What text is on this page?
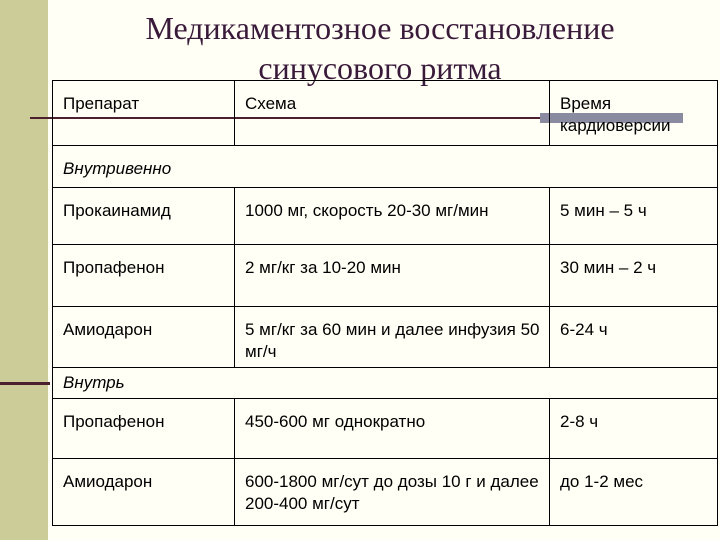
Медикаментозное восстановление
синусового ритма
Препарат	Схема	Время кардиоверсии
Внутривенно		
Прокаинамид	1000 мг, скорость 20-30 мг/мин	5 мин – 5 ч
Пропафенон	2 мг/кг за 10-20 мин	30 мин – 2 ч
Амиодарон	5 мг/кг за 60 мин и далее инфузия 50 мг/ч	6-24 ч
Внутрь		
Пропафенон	450-600 мг однократно	2-8 ч
Амиодарон	600-1800 мг/сут до дозы 10 г и далее 200-400 мг/сут	до 1-2 мес
